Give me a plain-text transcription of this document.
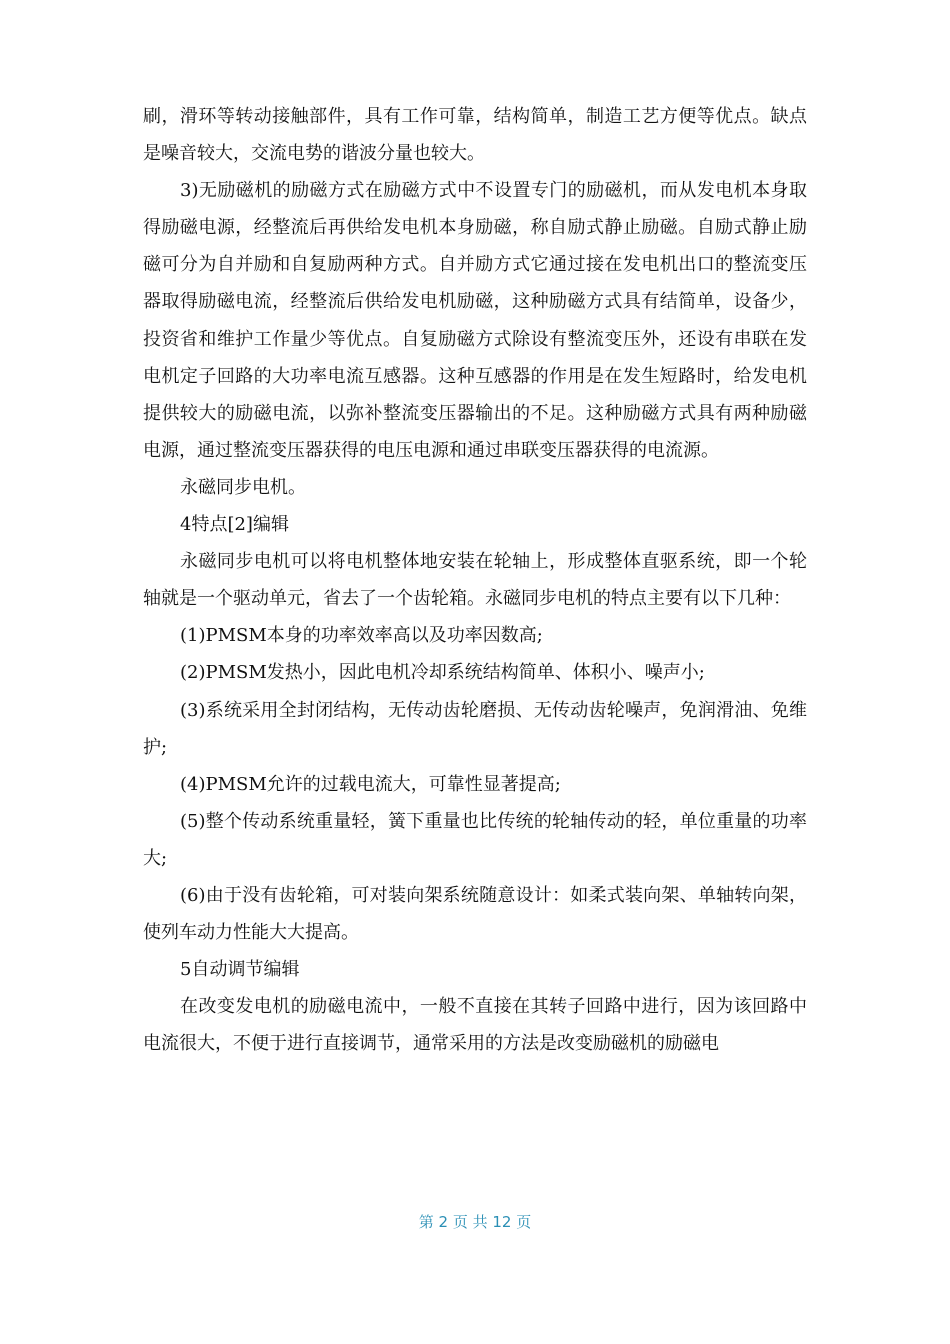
刷，滑环等转动接触部件，具有工作可靠，结构简单，制造工艺方便等优点。缺点是噪音较大，交流电势的谐波分量也较大。

3)无励磁机的励磁方式在励磁方式中不设置专门的励磁机，而从发电机本身取得励磁电源，经整流后再供给发电机本身励磁，称自励式静止励磁。自励式静止励磁可分为自并励和自复励两种方式。自并励方式它通过接在发电机出口的整流变压器取得励磁电流，经整流后供给发电机励磁，这种励磁方式具有结简单，设备少，投资省和维护工作量少等优点。自复励磁方式除设有整流变压外，还设有串联在发电机定子回路的大功率电流互感器。这种互感器的作用是在发生短路时，给发电机提供较大的励磁电流，以弥补整流变压器输出的不足。这种励磁方式具有两种励磁电源，通过整流变压器获得的电压电源和通过串联变压器获得的电流源。

永磁同步电机。

4特点[2]编辑

永磁同步电机可以将电机整体地安装在轮轴上，形成整体直驱系统，即一个轮轴就是一个驱动单元，省去了一个齿轮箱。永磁同步电机的特点主要有以下几种：

(1)PMSM本身的功率效率高以及功率因数高;

(2)PMSM发热小，因此电机冷却系统结构简单、体积小、噪声小;

(3)系统采用全封闭结构，无传动齿轮磨损、无传动齿轮噪声，免润滑油、免维护;

(4)PMSM允许的过载电流大，可靠性显著提高;

(5)整个传动系统重量轻，簧下重量也比传统的轮轴传动的轻，单位重量的功率大;

(6)由于没有齿轮箱，可对装向架系统随意设计：如柔式装向架、单轴转向架，使列车动力性能大大提高。

5自动调节编辑

在改变发电机的励磁电流中，一般不直接在其转子回路中进行，因为该回路中电流很大，不便于进行直接调节，通常采用的方法是改变励磁机的励磁电

第 2 页 共 12 页
